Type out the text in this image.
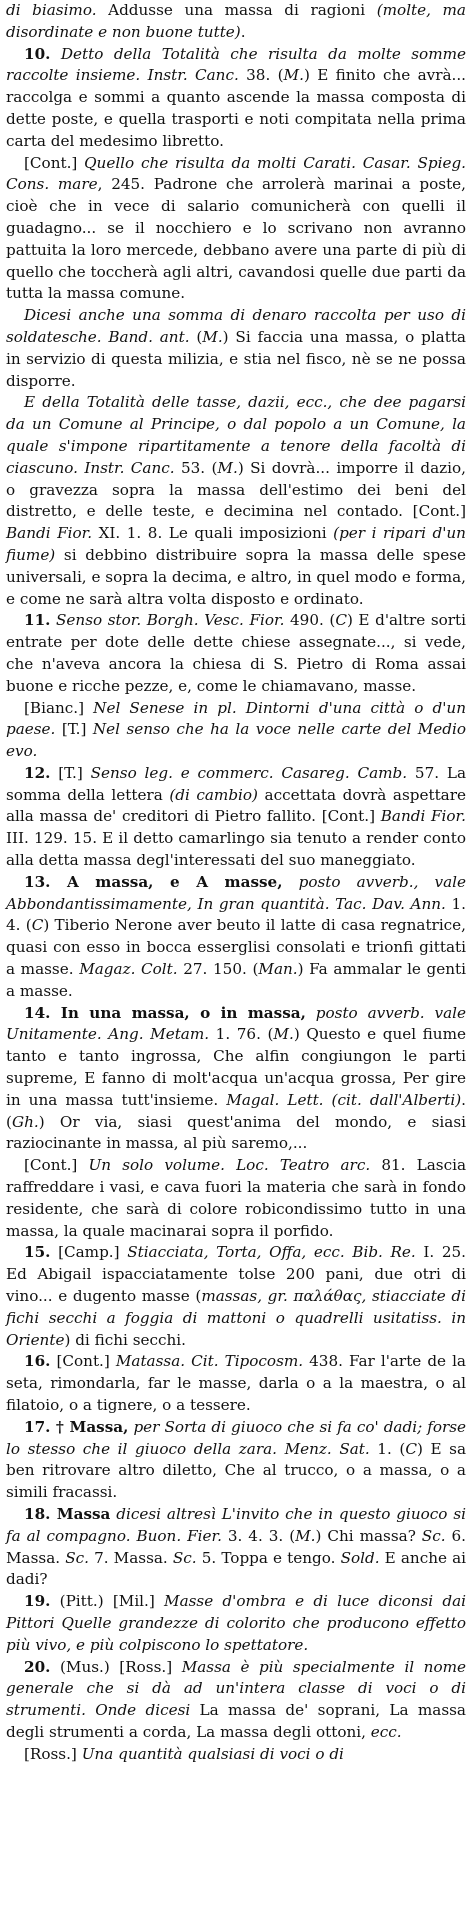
di biasimo. Addusse una massa di ragioni (molte, ma disordinate e non buone tutte).

10. Detto della Totalità che risulta da molte somme raccolte insieme. Instr. Canc. 38. (M.) E finito che avrà... raccolga e sommi a quanto ascende la massa composta di dette poste, e quella trasporti e noti compitata nella prima carta del medesimo libretto.

[Cont.] Quello che risulta da molti Carati. Casar. Spieg. Cons. mare, 245. Padrone che arrolerà marinai a poste, cioè che in vece di salario comunicherà con quelli il guadagno... se il nocchiero e lo scrivano non avranno pattuita la loro mercede, debbano avere una parte di più di quello che toccherà agli altri, cavandosi quelle due parti da tutta la massa comune.

Dicesi anche una somma di denaro raccolta per uso di soldatesche. Band. ant. (M.) Si faccia una massa, o platta in servizio di questa milizia, e stia nel fisco, nè se ne possa disporre.

E della Totalità delle tasse, dazii, ecc., che dee pagarsi da un Comune al Principe, o dal popolo a un Comune, la quale s'impone ripartitamente a tenore della facoltà di ciascuno. Instr. Canc. 53. (M.) Si dovrà... imporre il dazio, o gravezza sopra la massa dell'estimo dei beni del distretto, e delle teste, e decimina nel contado. [Cont.] Bandi Fior. XI. 1. 8. Le quali imposizioni (per i ripari d'un fiume) si debbino distribuire sopra la massa delle spese universali, e sopra la decima, e altro, in quel modo e forma, e come ne sarà altra volta disposto e ordinato.

11. Senso stor. Borgh. Vesc. Fior. 490. (C) E d'altre sorti entrate per dote delle dette chiese assegnate..., si vede, che n'aveva ancora la chiesa di S. Pietro di Roma assai buone e ricche pezze, e, come le chiamavano, masse.

[Bianc.] Nel Senese in pl. Dintorni d'una città o d'un paese. [T.] Nel senso che ha la voce nelle carte del Medio evo.

12. [T.] Senso leg. e commerc. Casareg. Camb. 57. La somma della lettera (di cambio) accettata dovrà aspettare alla massa de' creditori di Pietro fallito. [Cont.] Bandi Fior. III. 129. 15. E il detto camarlingo sia tenuto a render conto alla detta massa degl'interessati del suo maneggiato.

13. A massa, e A masse, posto avverb., vale Abbondantissimamente, In gran quantità. Tac. Dav. Ann. 1. 4. (C) Tiberio Nerone aver beuto il latte di casa regnatrice, quasi con esso in bocca esserglisi consolati e trionfi gittati a masse. Magaz. Colt. 27. 150. (Man.) Fa ammalar le genti a masse.

14. In una massa, o in massa, posto avverb. vale Unitamente. Ang. Metam. 1. 76. (M.) Questo e quel fiume tanto e tanto ingrossa, Che alfin congiungon le parti supreme, E fanno di molt'acqua un'acqua grossa, Per gire in una massa tutt'insieme. Magal. Lett. (cit. dall'Alberti). (Gh.) Or via, siasi quest'anima del mondo, e siasi raziocinante in massa, al più saremo,...

[Cont.] Un solo volume. Loc. Teatro arc. 81. Lascia raffreddare i vasi, e cava fuori la materia che sarà in fondo residente, che sarà di colore robicondissimo tutto in una massa, la quale macinarai sopra il porfido.

15. [Camp.] Stiacciata, Torta, Offa, ecc. Bib. Re. I. 25. Ed Abigail ispacciatamente tolse 200 pani, due otri di vino... e dugento masse (massas, gr. παλάθας, stiacciate di fichi secchi a foggia di mattoni o quadrelli usitatiss. in Oriente) di fichi secchi.

16. [Cont.] Matassa. Cit. Tipocosm. 438. Far l'arte de la seta, rimondarla, far le masse, darla o a la maestra, o al filatoio, o a tignere, o a tessere.

17. † Massa, per Sorta di giuoco che si fa co' dadi; forse lo stesso che il giuoco della zara. Menz. Sat. 1. (C) E sa ben ritrovare altro diletto, Che al trucco, o a massa, o a simili fracassi.

18. Massa dicesi altresì L'invito che in questo giuoco si fa al compagno. Buon. Fier. 3. 4. 3. (M.) Chi massa? Sc. 6. Massa. Sc. 7. Massa. Sc. 5. Toppa e tengo. Sold. E anche ai dadi?

19. (Pitt.) [Mil.] Masse d'ombra e di luce diconsi dai Pittori Quelle grandezze di colorito che producono effetto più vivo, e più colpiscono lo spettatore.

20. (Mus.) [Ross.] Massa è più specialmente il nome generale che si dà ad un'intera classe di voci o di strumenti. Onde dicesi La massa de' soprani, La massa degli strumenti a corda, La massa degli ottoni, ecc.

[Ross.] Una quantità qualsiasi di voci o di
